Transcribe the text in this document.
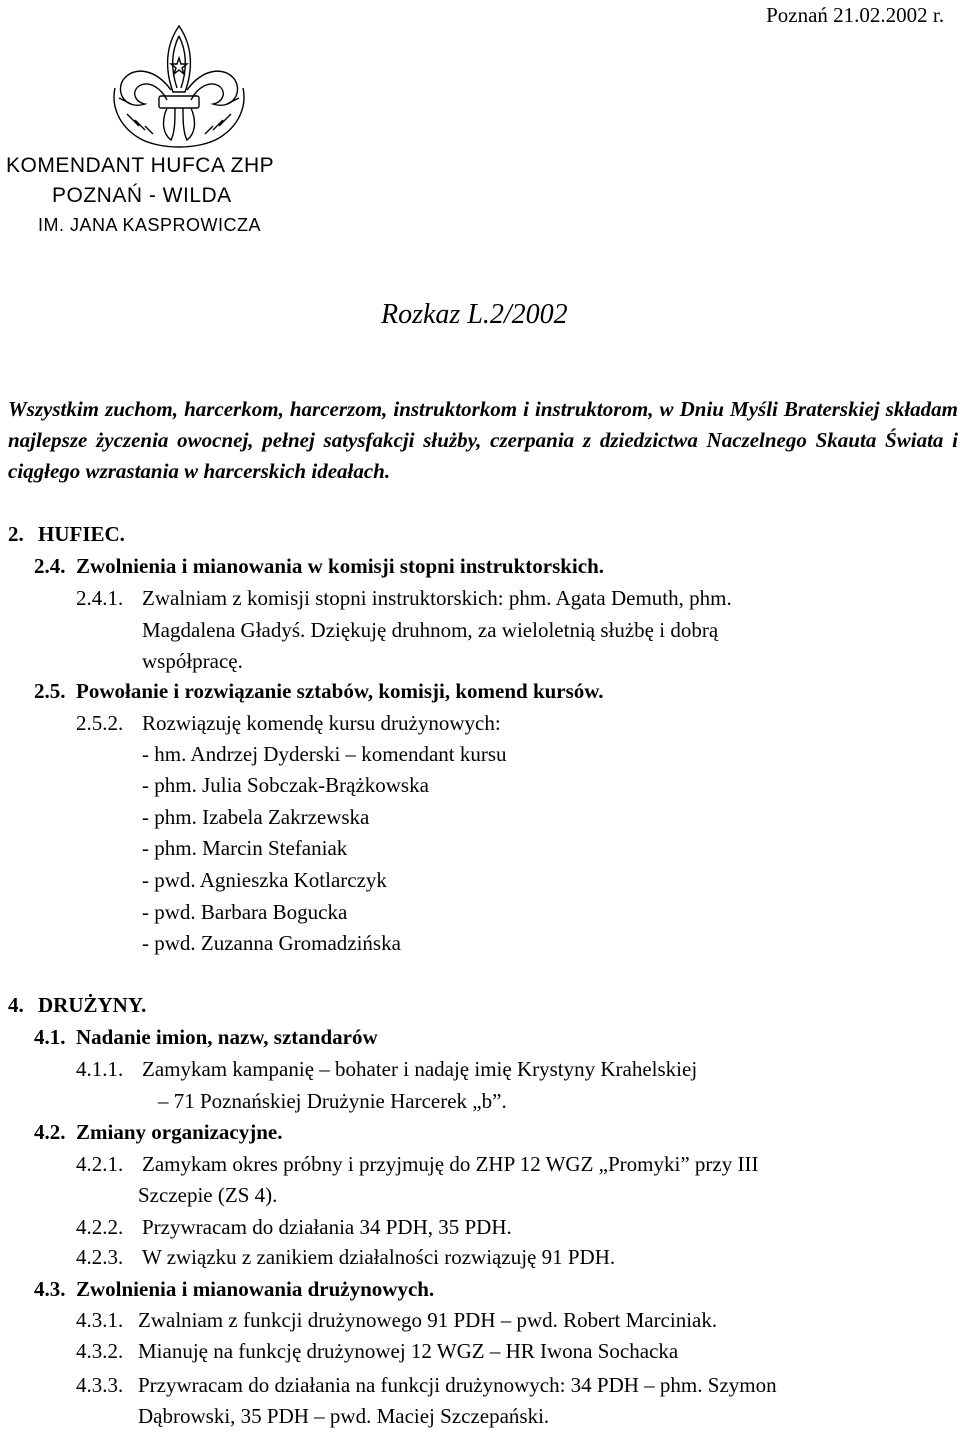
Poznań 21.02.2002 r.
KOMENDANT HUFCA ZHP
POZNAŃ - WILDA
IM. JANA KASPROWICZA
Rozkaz L.2/2002
Wszystkim zuchom, harcerkom, harcerzom, instruktorkom i instruktorom, w Dniu Myśli Braterskiej składam najlepsze życzenia owocnej, pełnej satysfakcji służby, czerpania z dziedzictwa Naczelnego Skauta Świata i ciągłego wzrastania w harcerskich ideałach.
2. HUFIEC.
2.4. Zwolnienia i mianowania w komisji stopni instruktorskich.
2.4.1. Zwalniam z komisji stopni instruktorskich: phm. Agata Demuth, phm.
Magdalena Gładyś. Dziękuję druhnom, za wieloletnią służbę i dobrą
współpracę.
2.5. Powołanie i rozwiązanie sztabów, komisji, komend kursów.
2.5.2. Rozwiązuję komendę kursu drużynowych:
- hm. Andrzej Dyderski – komendant kursu
- phm. Julia Sobczak-Brążkowska
- phm. Izabela Zakrzewska
- phm. Marcin Stefaniak
- pwd. Agnieszka Kotlarczyk
- pwd. Barbara Bogucka
- pwd. Zuzanna Gromadzińska
4. DRUŻYNY.
4.1. Nadanie imion, nazw, sztandarów
4.1.1. Zamykam kampanię – bohater i nadaję imię Krystyny Krahelskiej
– 71 Poznańskiej Drużynie Harcerek „b”.
4.2. Zmiany organizacyjne.
4.2.1. Zamykam okres próbny i przyjmuję do ZHP 12 WGZ „Promyki” przy III
Szczepie (ZS 4).
4.2.2. Przywracam do działania 34 PDH, 35 PDH.
4.2.3. W związku z zanikiem działalności rozwiązuję 91 PDH.
4.3. Zwolnienia i mianowania drużynowych.
4.3.1. Zwalniam z funkcji drużynowego 91 PDH – pwd. Robert Marciniak.
4.3.2. Mianuję na funkcję drużynowej 12 WGZ – HR Iwona Sochacka
4.3.3. Przywracam do działania na funkcji drużynowych: 34 PDH – phm. Szymon
Dąbrowski, 35 PDH – pwd. Maciej Szczepański.
